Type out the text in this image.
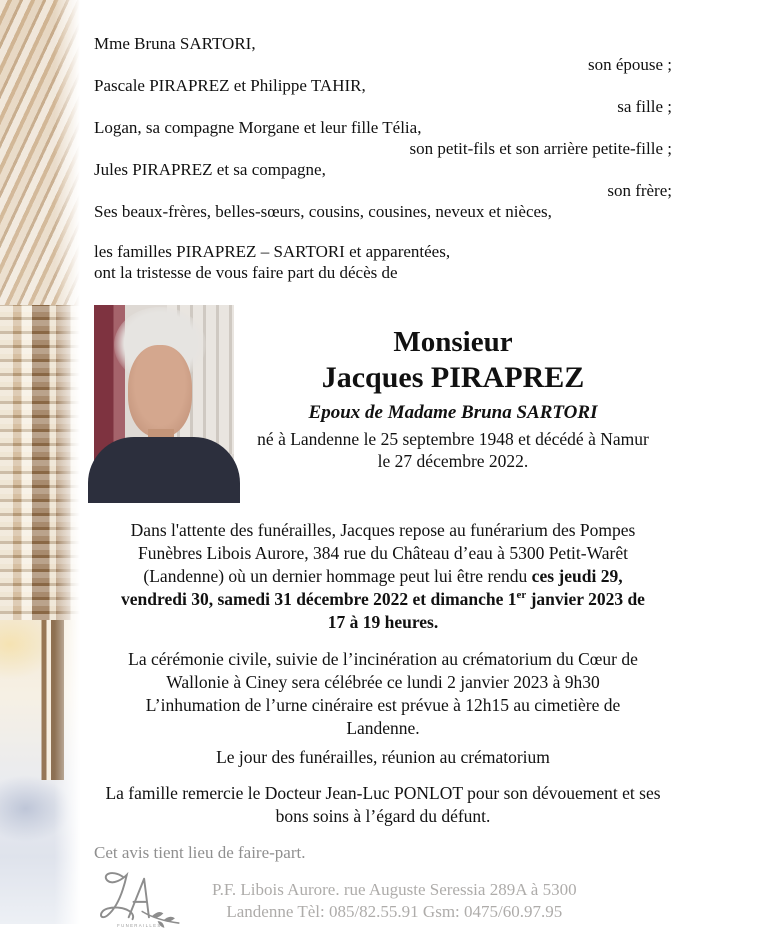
Mme Bruna SARTORI,
son épouse ;
Pascale PIRAPREZ et Philippe TAHIR,
sa fille ;
Logan, sa compagne Morgane et leur fille Télia,
son petit-fils et son arrière petite-fille ;
Jules PIRAPREZ et sa compagne,
son frère;
Ses beaux-frères, belles-sœurs, cousins, cousines, neveux et nièces,
les familles PIRAPREZ – SARTORI et apparentées,
ont la tristesse de vous faire part du décès de
Monsieur
Jacques PIRAPREZ
Epoux de Madame Bruna SARTORI
né à Landenne le 25 septembre 1948 et décédé à Namur
le 27 décembre 2022.

Dans l'attente des funérailles, Jacques repose au funérarium des Pompes
Funèbres Libois Aurore, 384 rue du Château d’eau à 5300 Petit-Warêt
(Landenne) où un dernier hommage peut lui être rendu ces jeudi 29,
vendredi 30, samedi 31 décembre 2022 et dimanche 1er janvier 2023 de
17 à 19 heures.

La cérémonie civile, suivie de l’incinération au crématorium du Cœur de
Wallonie à Ciney sera célébrée ce lundi 2 janvier 2023 à 9h30
L’inhumation de l’urne cinéraire est prévue à 12h15 au cimetière de
Landenne.

Le jour des funérailles, réunion au crématorium

La famille remercie le Docteur Jean-Luc PONLOT pour son dévouement et ses
bons soins à l’égard du défunt.

Cet avis tient lieu de faire-part.
FUNERAILLES
P.F. Libois Aurore. rue Auguste Seressia 289A à 5300
Landenne Tèl: 085/82.55.91 Gsm: 0475/60.97.95
